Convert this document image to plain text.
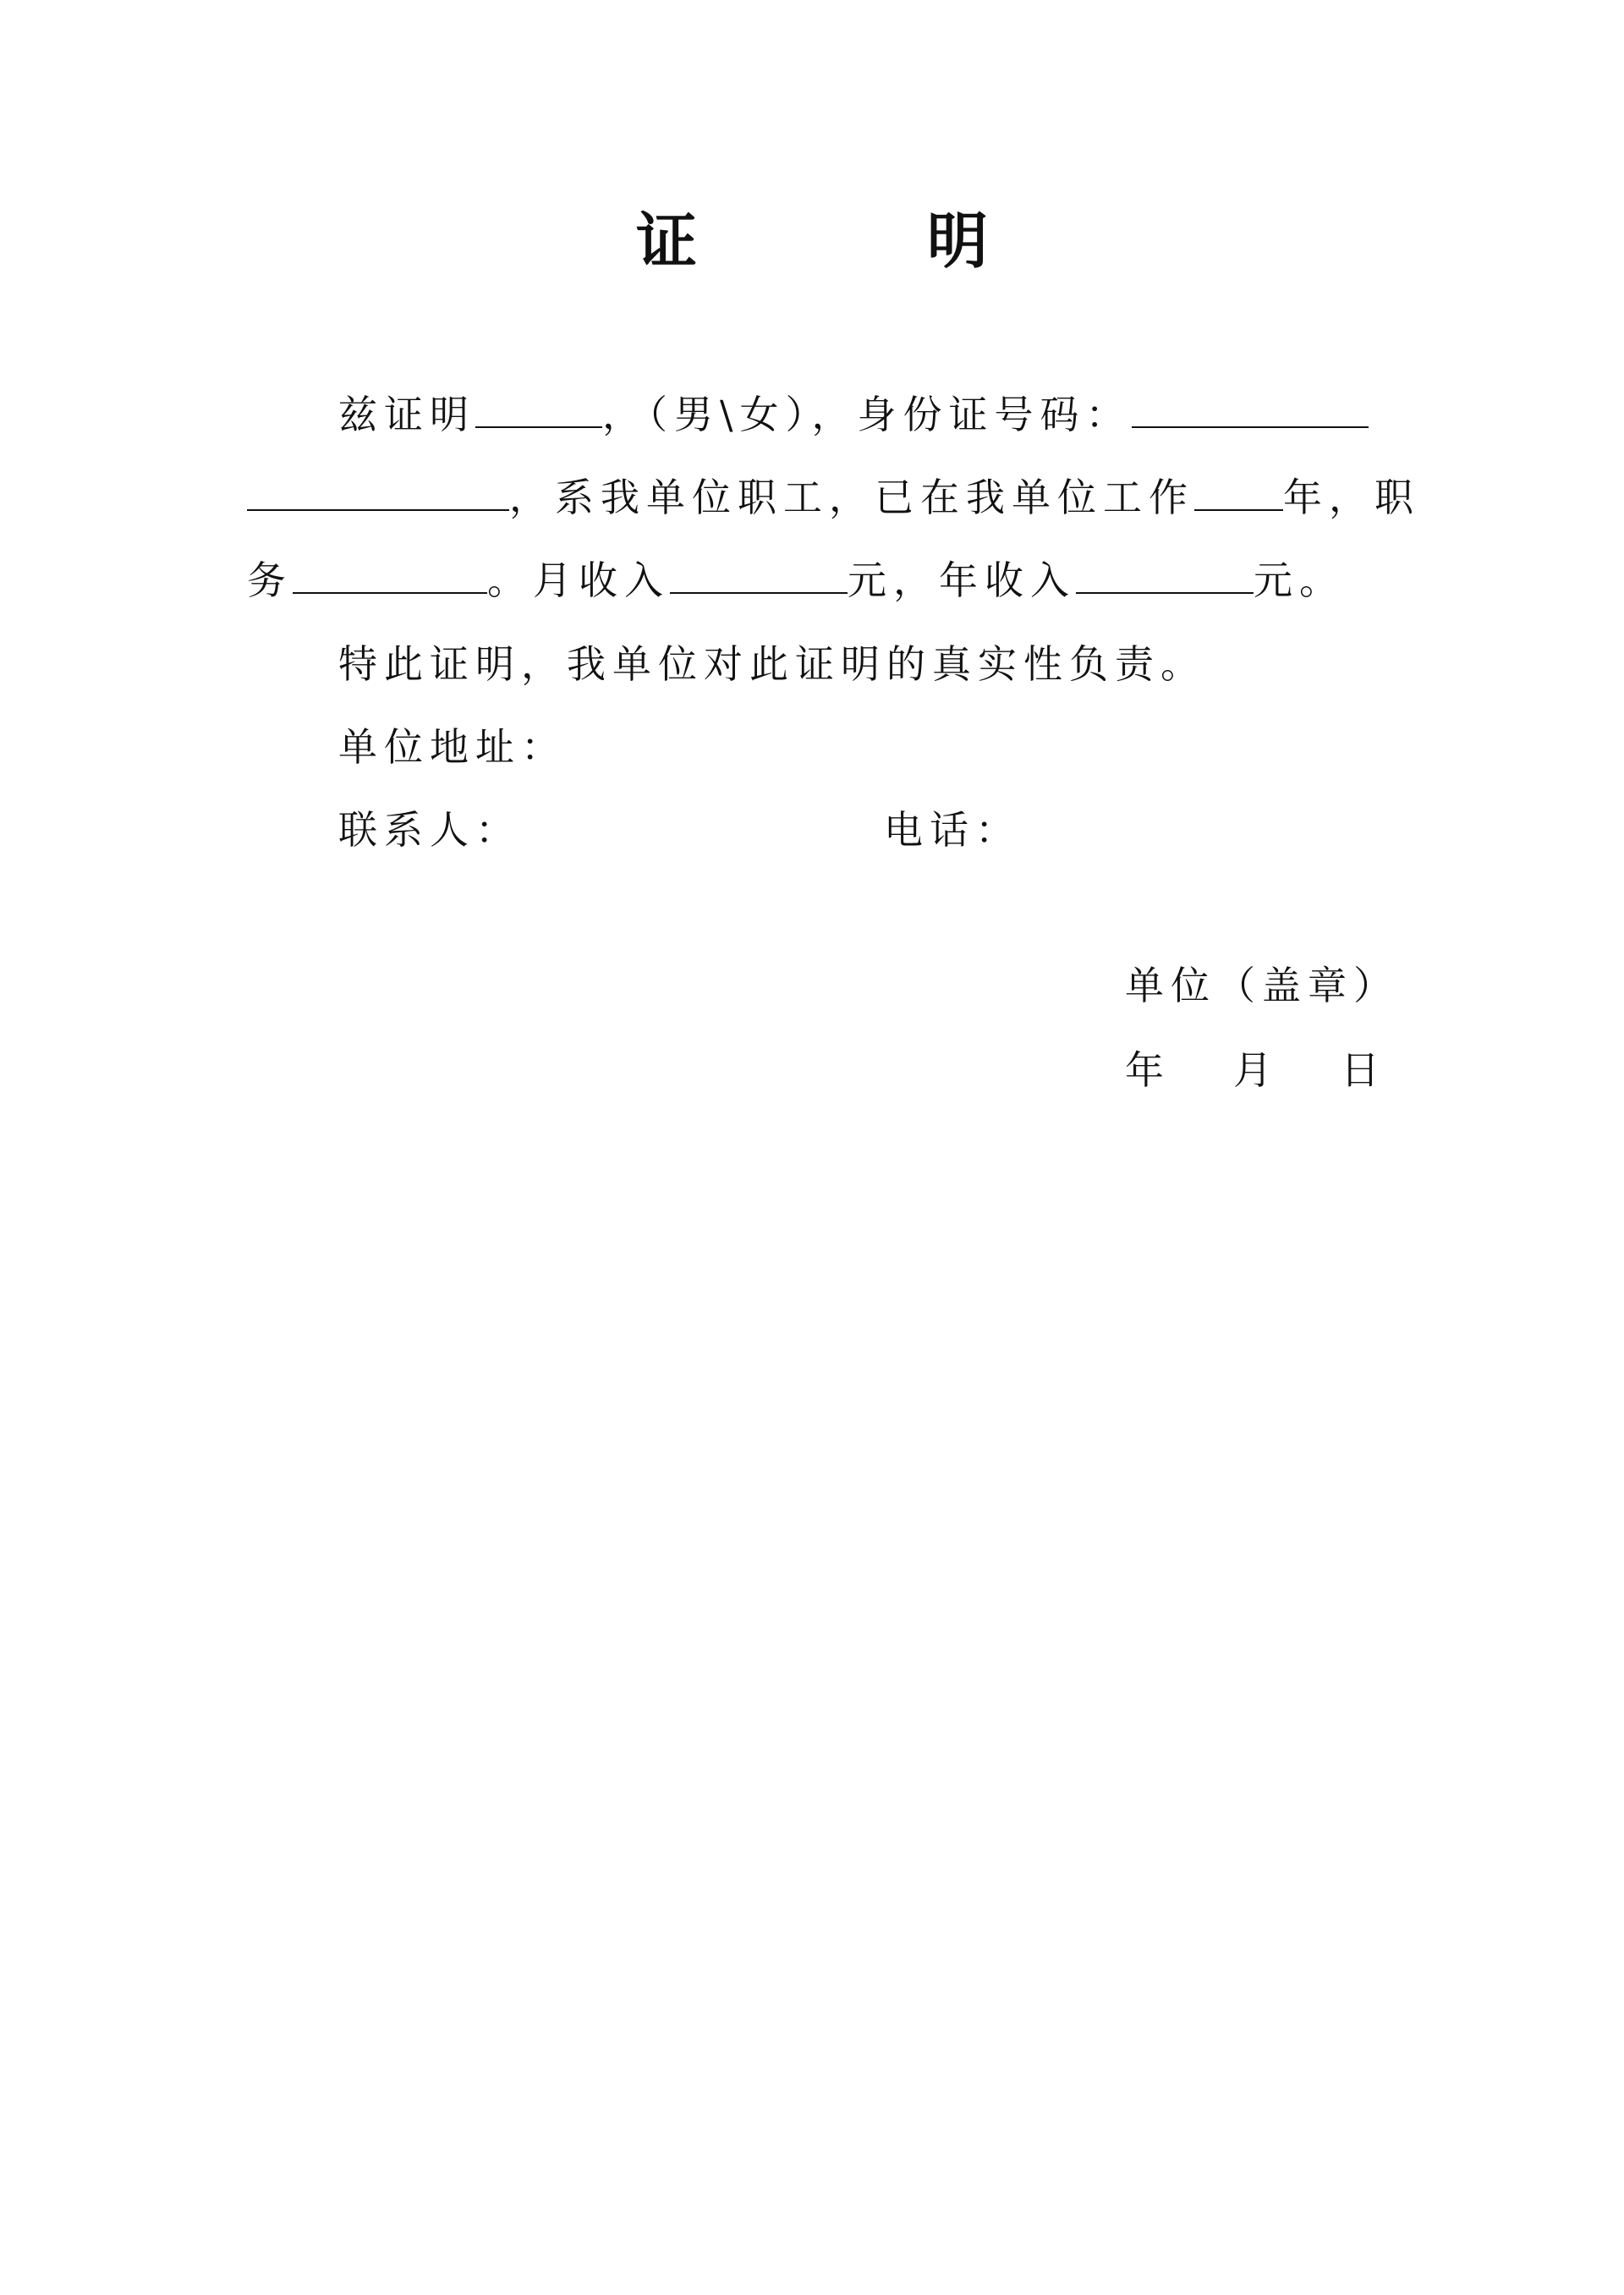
证　明
兹证明	，（男\女），身份证号码：
，系我单位职工，已在我单位工作 年，职
务	。月收入	元，年收入	元。
特此证明，我单位对此证明的真实性负责。
单位地址：
联系人：	电话：
单位（盖章）
年 月 日
